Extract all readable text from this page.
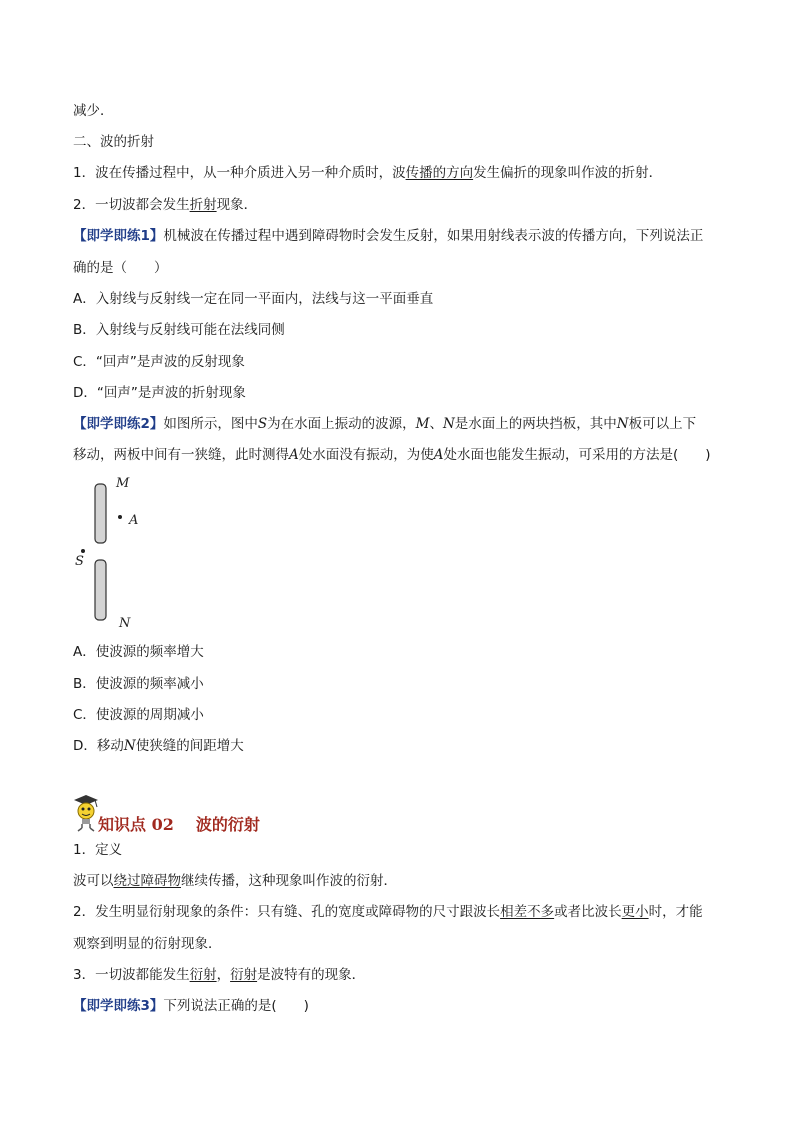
减少．
二、波的折射
1．波在传播过程中，从一种介质进入另一种介质时，波传播的方向发生偏折的现象叫作波的折射．
2．一切波都会发生折射现象．
【即学即练1】机械波在传播过程中遇到障碍物时会发生反射，如果用射线表示波的传播方向，下列说法正
确的是（　　）
A．入射线与反射线一定在同一平面内，法线与这一平面垂直
B．入射线与反射线可能在法线同侧
C．“回声”是声波的反射现象
D．“回声”是声波的折射现象
【即学即练2】如图所示，图中S为在水面上振动的波源，M、N是水面上的两块挡板，其中N板可以上下
移动，两板中间有一狭缝，此时测得A处水面没有振动，为使A处水面也能发生振动，可采用的方法是(　　)
M
A
S
N
A．使波源的频率增大
B．使波源的频率减小
C．使波源的周期减小
D．移动N使狭缝的间距增大
知识点 02 波的衍射
1．定义
波可以绕过障碍物继续传播，这种现象叫作波的衍射．
2．发生明显衍射现象的条件：只有缝、孔的宽度或障碍物的尺寸跟波长相差不多或者比波长更小时，才能
观察到明显的衍射现象．
3．一切波都能发生衍射，衍射是波特有的现象．
【即学即练3】下列说法正确的是(　　)
